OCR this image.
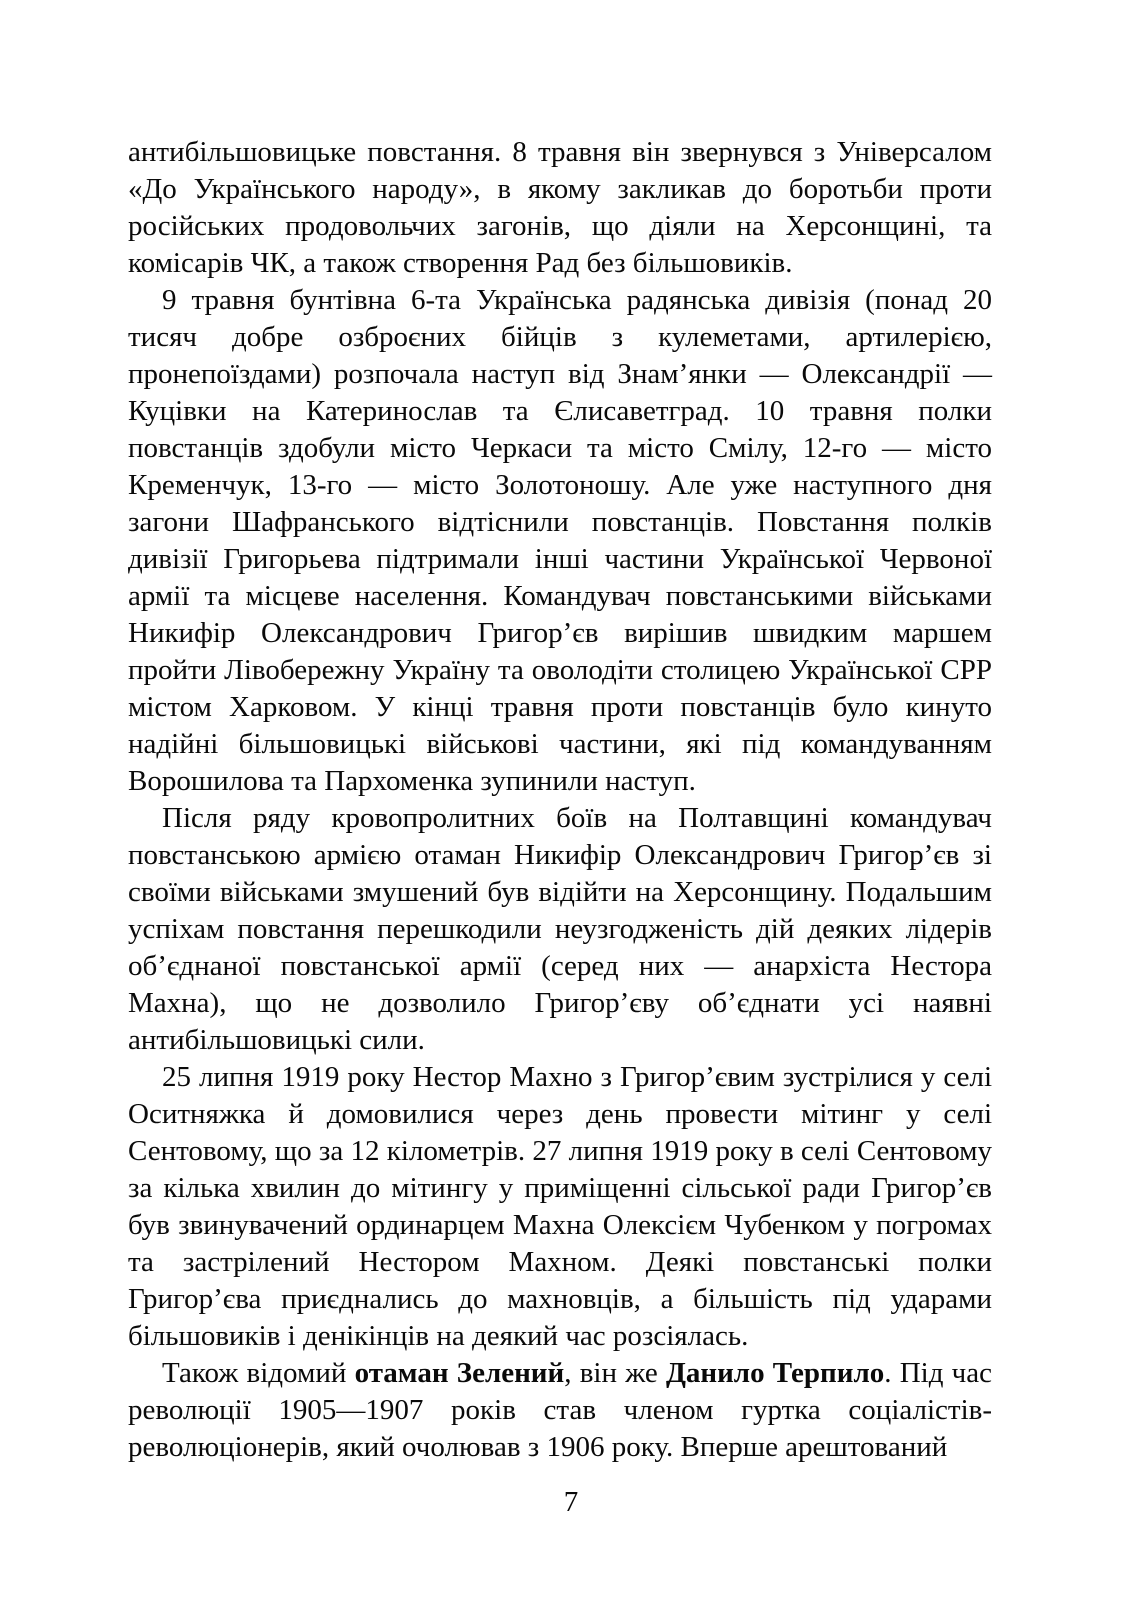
антибільшовицьке повстання. 8 травня він звернувся з Універсалом «До Українського народу», в якому закликав до боротьби проти російських продовольчих загонів, що діяли на Херсонщині, та комісарів ЧК, а також створення Рад без більшовиків.

9 травня бунтівна 6-та Українська радянська дивізія (понад 20 тисяч добре озброєних бійців з кулеметами, артилерією, пронепоїздами) розпочала наступ від Знам’янки — Олександрії — Куцівки на Катеринослав та Єлисаветград. 10 травня полки повстанців здобули місто Черкаси та місто Смілу, 12-го — місто Кременчук, 13-го — місто Золотоношу. Але уже наступного дня загони Шафранського відтіснили повстанців. Повстання полків дивізії Григорьева підтримали інші частини Української Червоної армії та місцеве населення. Командувач повстанськими військами Никифір Олександрович Григор’єв вирішив швидким маршем пройти Лівобережну Україну та оволодіти столицею Української СРР містом Харковом. У кінці травня проти повстанців було кинуто надійні більшовицькі військові частини, які під командуванням Ворошилова та Пархоменка зупинили наступ.

Після ряду кровопролитних боїв на Полтавщині командувач повстанською армією отаман Никифір Олександрович Григор’єв зі своїми військами змушений був відійти на Херсонщину. Подальшим успіхам повстання перешкодили неузгодженість дій деяких лідерів об’єднаної повстанської армії (серед них — анархіста Нестора Махна), що не дозволило Григор’єву об’єднати усі наявні антибільшовицькі сили.

25 липня 1919 року Нестор Махно з Григор’євим зустрілися у селі Оситняжка й домовилися через день провести мітинг у селі Сентовому, що за 12 кілометрів. 27 липня 1919 року в селі Сентовому за кілька хвилин до мітингу у приміщенні сільської ради Григор’єв був звинувачений ординарцем Махна Олексієм Чубенком у погромах та застрілений Нестором Махном. Деякі повстанські полки Григор’єва приєднались до махновців, а більшість під ударами більшовиків і денікінців на деякий час розсіялась.

Також відомий отаман Зелений, він же Данило Терпило. Під час революції 1905—1907 років став членом гуртка соціалістів-революціонерів, який очолював з 1906 року. Вперше арештований

7
